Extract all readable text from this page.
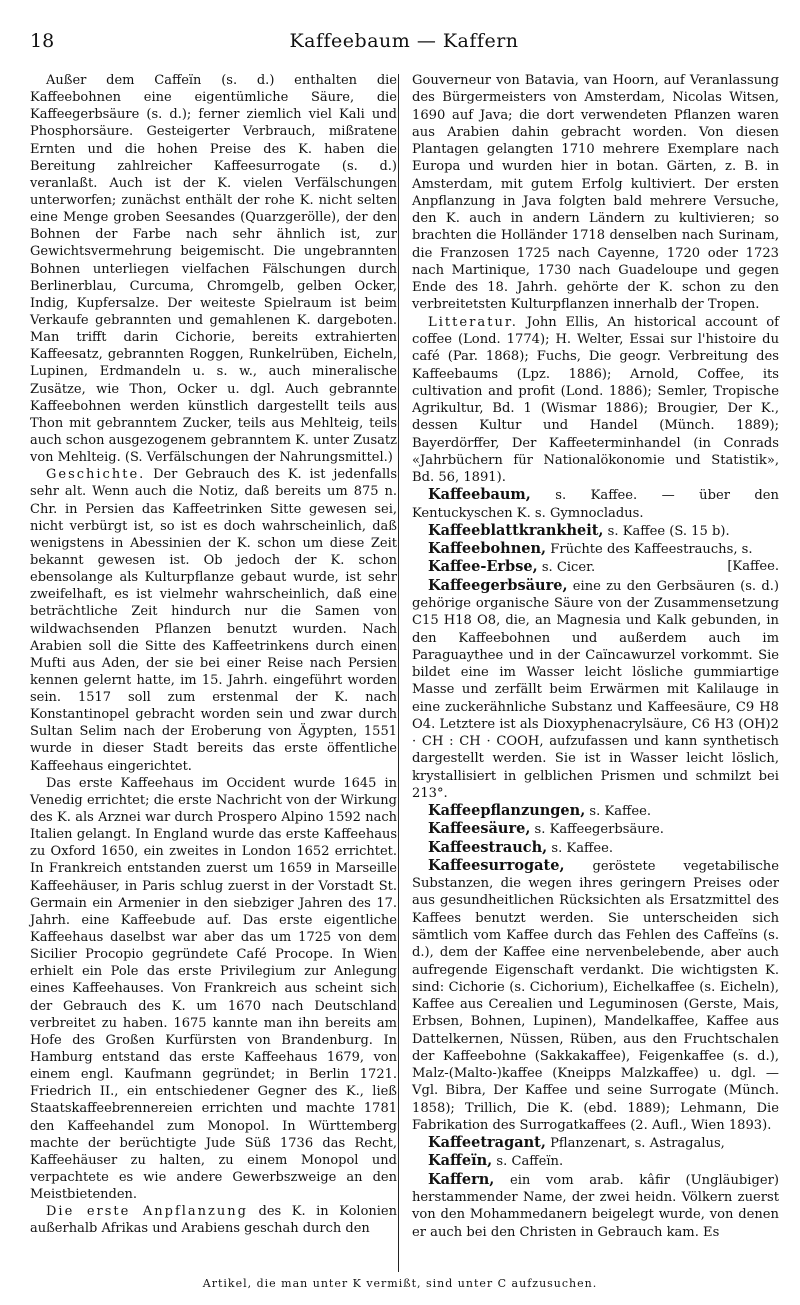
18	Kaffeebaum — Kaffern

Außer dem Caffeïn (s. d.) enthalten die Kaffeebohnen eine eigentümliche Säure, die Kaffeegerbsäure (s. d.); ferner ziemlich viel Kali und Phosphorsäure. Gesteigerter Verbrauch, mißratene Ernten und die hohen Preise des K. haben die Bereitung zahlreicher Kaffeesurrogate (s. d.) veranlaßt. Auch ist der K. vielen Verfälschungen unterworfen; zunächst enthält der rohe K. nicht selten eine Menge groben Seesandes (Quarzgerölle), der den Bohnen der Farbe nach sehr ähnlich ist, zur Gewichtsvermehrung beigemischt. Die ungebrannten Bohnen unterliegen vielfachen Fälschungen durch Berlinerblau, Curcuma, Chromgelb, gelben Ocker, Indig, Kupfersalze. Der weiteste Spielraum ist beim Verkaufe gebrannten und gemahlenen K. dargeboten. Man trifft darin Cichorie, bereits extrahierten Kaffeesatz, gebrannten Roggen, Runkelrüben, Eicheln, Lupinen, Erdmandeln u. s. w., auch mineralische Zusätze, wie Thon, Ocker u. dgl. Auch gebrannte Kaffeebohnen werden künstlich dargestellt teils aus Thon mit gebranntem Zucker, teils aus Mehlteig, teils auch schon ausgezogenem gebranntem K. unter Zusatz von Mehlteig. (S. Verfälschungen der Nahrungsmittel.)

Geschichte. Der Gebrauch des K. ist jedenfalls sehr alt. Wenn auch die Notiz, daß bereits um 875 n. Chr. in Persien das Kaffeetrinken Sitte gewesen sei, nicht verbürgt ist, so ist es doch wahrscheinlich, daß wenigstens in Abessinien der K. schon um diese Zeit bekannt gewesen ist. Ob jedoch der K. schon ebensolange als Kulturpflanze gebaut wurde, ist sehr zweifelhaft, es ist vielmehr wahrscheinlich, daß eine beträchtliche Zeit hindurch nur die Samen von wildwachsenden Pflanzen benutzt wurden. Nach Arabien soll die Sitte des Kaffeetrinkens durch einen Mufti aus Aden, der sie bei einer Reise nach Persien kennen gelernt hatte, im 15. Jahrh. eingeführt worden sein. 1517 soll zum erstenmal der K. nach Konstantinopel gebracht worden sein und zwar durch Sultan Selim nach der Eroberung von Ägypten, 1551 wurde in dieser Stadt bereits das erste öffentliche Kaffeehaus eingerichtet.

Das erste Kaffeehaus im Occident wurde 1645 in Venedig errichtet; die erste Nachricht von der Wirkung des K. als Arznei war durch Prospero Alpino 1592 nach Italien gelangt. In England wurde das erste Kaffeehaus zu Oxford 1650, ein zweites in London 1652 errichtet. In Frankreich entstanden zuerst um 1659 in Marseille Kaffeehäuser, in Paris schlug zuerst in der Vorstadt St. Germain ein Armenier in den siebziger Jahren des 17. Jahrh. eine Kaffeebude auf. Das erste eigentliche Kaffeehaus daselbst war aber das um 1725 von dem Sicilier Procopio gegründete Café Procope. In Wien erhielt ein Pole das erste Privilegium zur Anlegung eines Kaffeehauses. Von Frankreich aus scheint sich der Gebrauch des K. um 1670 nach Deutschland verbreitet zu haben. 1675 kannte man ihn bereits am Hofe des Großen Kurfürsten von Brandenburg. In Hamburg entstand das erste Kaffeehaus 1679, von einem engl. Kaufmann gegründet; in Berlin 1721. Friedrich II., ein entschiedener Gegner des K., ließ Staatskaffeebrennereien errichten und machte 1781 den Kaffeehandel zum Monopol. In Württemberg machte der berüchtigte Jude Süß 1736 das Recht, Kaffeehäuser zu halten, zu einem Monopol und verpachtete es wie andere Gewerbszweige an den Meistbietenden.

Die erste Anpflanzung des K. in Kolonien außerhalb Afrikas und Arabiens geschah durch den

Gouverneur von Batavia, van Hoorn, auf Veranlassung des Bürgermeisters von Amsterdam, Nicolas Witsen, 1690 auf Java; die dort verwendeten Pflanzen waren aus Arabien dahin gebracht worden. Von diesen Plantagen gelangten 1710 mehrere Exemplare nach Europa und wurden hier in botan. Gärten, z. B. in Amsterdam, mit gutem Erfolg kultiviert. Der ersten Anpflanzung in Java folgten bald mehrere Versuche, den K. auch in andern Ländern zu kultivieren; so brachten die Holländer 1718 denselben nach Surinam, die Franzosen 1725 nach Cayenne, 1720 oder 1723 nach Martinique, 1730 nach Guadeloupe und gegen Ende des 18. Jahrh. gehörte der K. schon zu den verbreitetsten Kulturpflanzen innerhalb der Tropen.

Litteratur. John Ellis, An historical account of coffee (Lond. 1774); H. Welter, Essai sur l'histoire du café (Par. 1868); Fuchs, Die geogr. Verbreitung des Kaffeebaums (Lpz. 1886); Arnold, Coffee, its cultivation and profit (Lond. 1886); Semler, Tropische Agrikultur, Bd. 1 (Wismar 1886); Brougier, Der K., dessen Kultur und Handel (Münch. 1889); Bayerdörffer, Der Kaffeeterminhandel (in Conrads «Jahrbüchern für Nationalökonomie und Statistik», Bd. 56, 1891).

Kaffeebaum, s. Kaffee. — über den Kentuckyschen K. s. Gymnocladus.

Kaffeeblattkrankheit, s. Kaffee (S. 15 b).

Kaffeebohnen, Früchte des Kaffeestrauchs, s.

Kaffee-Erbse, s. Cicer.	[Kaffee.

Kaffeegerbsäure, eine zu den Gerbsäuren (s. d.) gehörige organische Säure von der Zusammensetzung C15 H18 O8, die, an Magnesia und Kalk gebunden, in den Kaffeebohnen und außerdem auch im Paraguaythee und in der Caïncawurzel vorkommt. Sie bildet eine im Wasser leicht lösliche gummiartige Masse und zerfällt beim Erwärmen mit Kalilauge in eine zuckerähnliche Substanz und Kaffeesäure, C9 H8 O4. Letztere ist als Dioxyphenacrylsäure, C6 H3 (OH)2 · CH : CH · COOH, aufzufassen und kann synthetisch dargestellt werden. Sie ist in Wasser leicht löslich, krystallisiert in gelblichen Prismen und schmilzt bei 213°.

Kaffeepflanzungen, s. Kaffee.

Kaffeesäure, s. Kaffeegerbsäure.

Kaffeestrauch, s. Kaffee.

Kaffeesurrogate, geröstete vegetabilische Substanzen, die wegen ihres geringern Preises oder aus gesundheitlichen Rücksichten als Ersatzmittel des Kaffees benutzt werden. Sie unterscheiden sich sämtlich vom Kaffee durch das Fehlen des Caffeïns (s. d.), dem der Kaffee eine nervenbelebende, aber auch aufregende Eigenschaft verdankt. Die wichtigsten K. sind: Cichorie (s. Cichorium), Eichelkaffee (s. Eicheln), Kaffee aus Cerealien und Leguminosen (Gerste, Mais, Erbsen, Bohnen, Lupinen), Mandelkaffee, Kaffee aus Dattelkernen, Nüssen, Rüben, aus den Fruchtschalen der Kaffeebohne (Sakkakaffee), Feigenkaffee (s. d.), Malz-(Malto-)kaffee (Kneipps Malzkaffee) u. dgl. — Vgl. Bibra, Der Kaffee und seine Surrogate (Münch. 1858); Trillich, Die K. (ebd. 1889); Lehmann, Die Fabrikation des Surrogatkaffees (2. Aufl., Wien 1893).

Kaffeetragant, Pflanzenart, s. Astragalus,

Kaffeïn, s. Caffeïn.

Kaffern, ein vom arab. kâfir (Ungläubiger) herstammender Name, der zwei heidn. Völkern zuerst von den Mohammedanern beigelegt wurde, von denen er auch bei den Christen in Gebrauch kam. Es

Artikel, die man unter K vermißt, sind unter C aufzusuchen.
